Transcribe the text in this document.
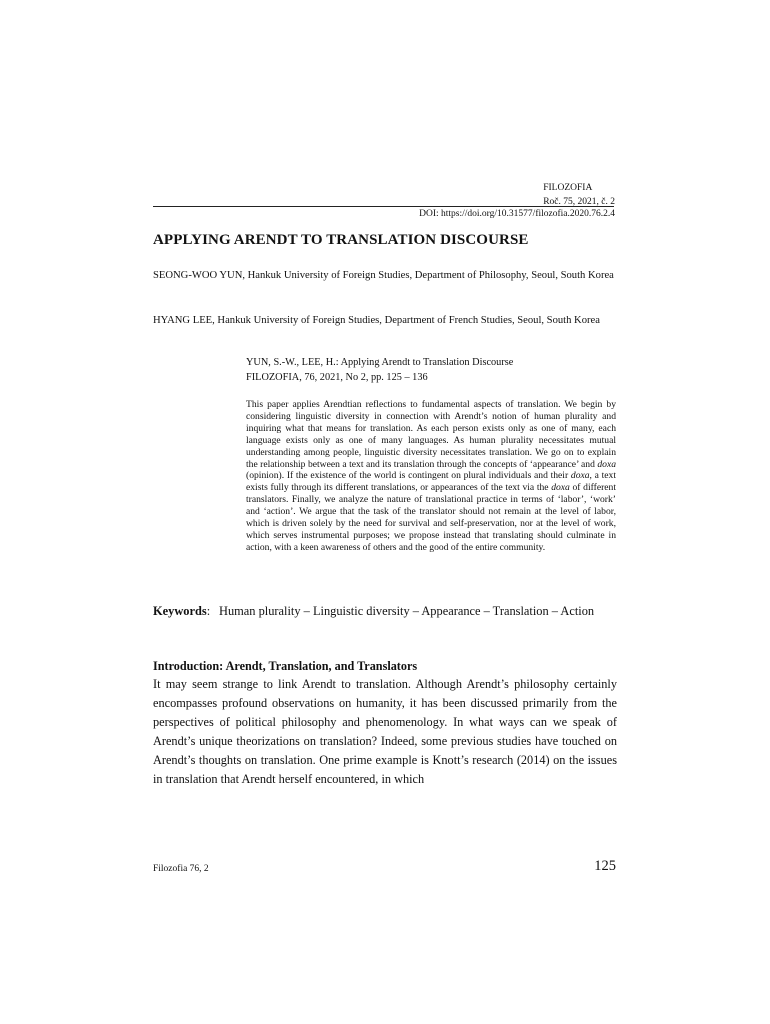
FILOZOFIA
Roč. 75, 2021, č. 2
DOI: https://doi.org/10.31577/filozofia.2020.76.2.4
APPLYING ARENDT TO TRANSLATION DISCOURSE
SEONG-WOO YUN, Hankuk University of Foreign Studies, Department of Philosophy, Seoul, South Korea
HYANG LEE, Hankuk University of Foreign Studies, Department of French Studies, Seoul, South Korea
YUN, S.-W., LEE, H.: Applying Arendt to Translation Discourse
FILOZOFIA, 76, 2021, No 2, pp. 125 – 136
This paper applies Arendtian reflections to fundamental aspects of translation. We begin by considering linguistic diversity in connection with Arendt’s notion of human plurality and inquiring what that means for translation. As each person exists only as one of many, each language exists only as one of many languages. As human plurality necessitates mutual understanding among people, linguistic diversity necessitates translation. We go on to explain the relationship between a text and its translation through the concepts of ‘appearance’ and doxa (opinion). If the existence of the world is contingent on plural individuals and their doxa, a text exists fully through its different translations, or appearances of the text via the doxa of different translators. Finally, we analyze the nature of translational practice in terms of ‘labor’, ‘work’ and ‘action’. We argue that the task of the translator should not remain at the level of labor, which is driven solely by the need for survival and self-preservation, nor at the level of work, which serves instrumental purposes; we propose instead that translating should culminate in action, with a keen awareness of others and the good of the entire community.
Keywords: Human plurality – Linguistic diversity – Appearance – Translation – Action
Introduction: Arendt, Translation, and Translators
It may seem strange to link Arendt to translation. Although Arendt’s philosophy certainly encompasses profound observations on humanity, it has been discussed primarily from the perspectives of political philosophy and phenomenology. In what ways can we speak of Arendt’s unique theorizations on translation? Indeed, some previous studies have touched on Arendt’s thoughts on translation. One prime example is Knott’s research (2014) on the issues in translation that Arendt herself encountered, in which
Filozofia 76, 2	125
